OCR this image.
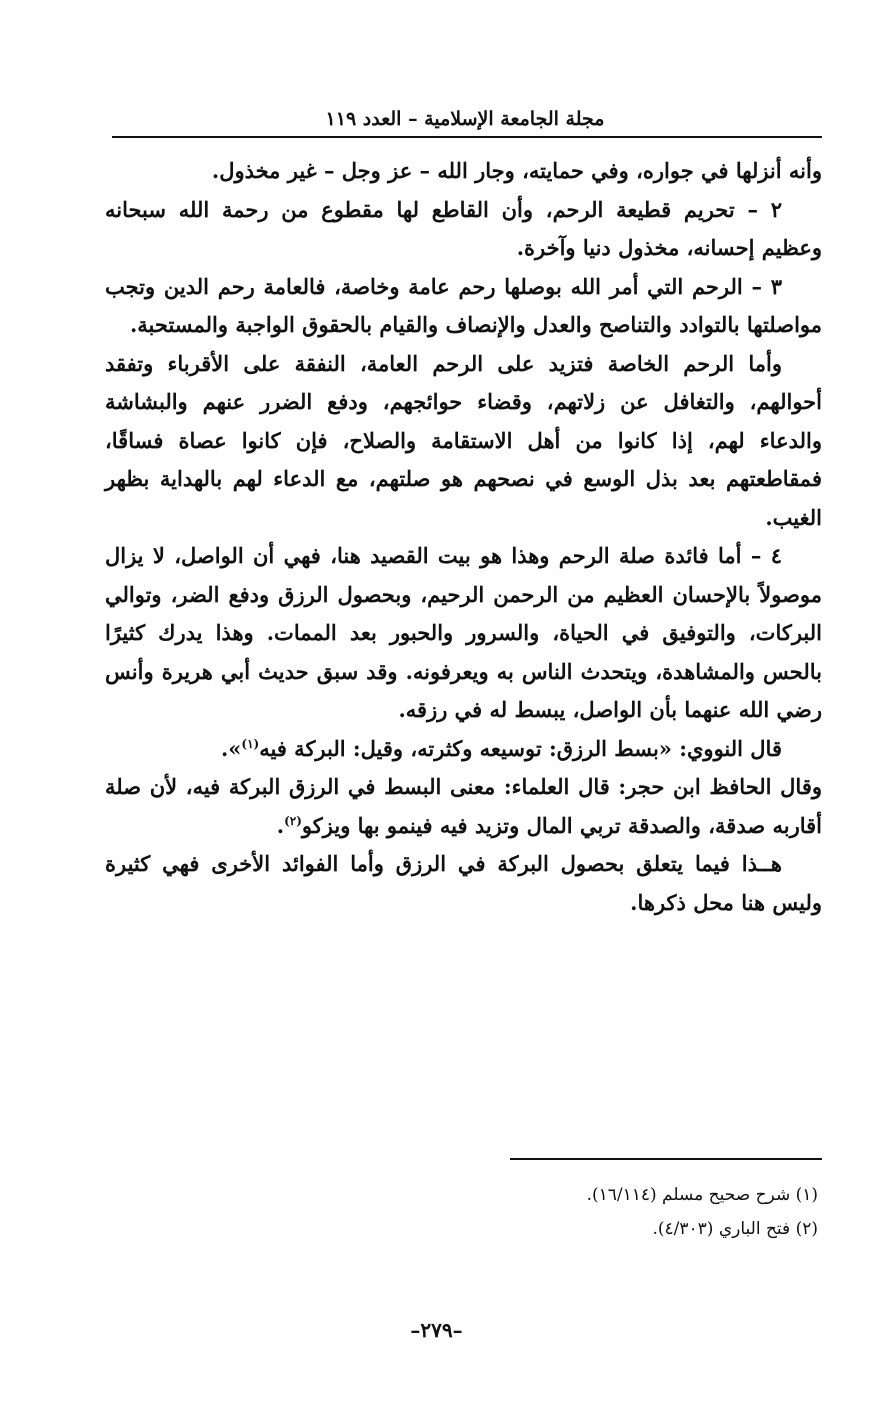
مجلة الجامعة الإسلامية – العدد ١١٩

وأنه أنزلها في جواره، وفي حمايته، وجار الله – عز وجل – غير مخذول.

٢ – تحريم قطيعة الرحم، وأن القاطع لها مقطوع من رحمة الله سبحانه وعظيم إحسانه، مخذول دنيا وآخرة.

٣ – الرحم التي أمر الله بوصلها رحم عامة وخاصة، فالعامة رحم الدين وتجب مواصلتها بالتوادد والتناصح والعدل والإنصاف والقيام بالحقوق الواجبة والمستحبة.

وأما الرحم الخاصة فتزيد على الرحم العامة، النفقة على الأقرباء وتفقد أحوالهم، والتغافل عن زلاتهم، وقضاء حوائجهم، ودفع الضرر عنهم والبشاشة والدعاء لهم، إذا كانوا من أهل الاستقامة والصلاح، فإن كانوا عصاة فساقًا، فمقاطعتهم بعد بذل الوسع في نصحهم هو صلتهم، مع الدعاء لهم بالهداية بظهر الغيب.

٤ – أما فائدة صلة الرحم وهذا هو بيت القصيد هنا، فهي أن الواصل، لا يزال موصولاً بالإحسان العظيم من الرحمن الرحيم، وبحصول الرزق ودفع الضر، وتوالي البركات، والتوفيق في الحياة، والسرور والحبور بعد الممات. وهذا يدرك كثيرًا بالحس والمشاهدة، ويتحدث الناس به ويعرفونه. وقد سبق حديث أبي هريرة وأنس رضي الله عنهما بأن الواصل، يبسط له في رزقه.

قال النووي: «بسط الرزق: توسيعه وكثرته، وقيل: البركة فيه$^{(١)}$».

وقال الحافظ ابن حجر: قال العلماء: معنى البسط في الرزق البركة فيه، لأن صلة أقاربه صدقة، والصدقة تربي المال وتزيد فيه فينمو بها ويزكو$^{(٢)}$.

هــذا فيما يتعلق بحصول البركة في الرزق وأما الفوائد الأخرى فهي كثيرة وليس هنا محل ذكرها.

(١) شرح صحيح مسلم (١٦/١١٤).

(٢) فتح الباري (٤/٣٠٣).

–٢٧٩–
